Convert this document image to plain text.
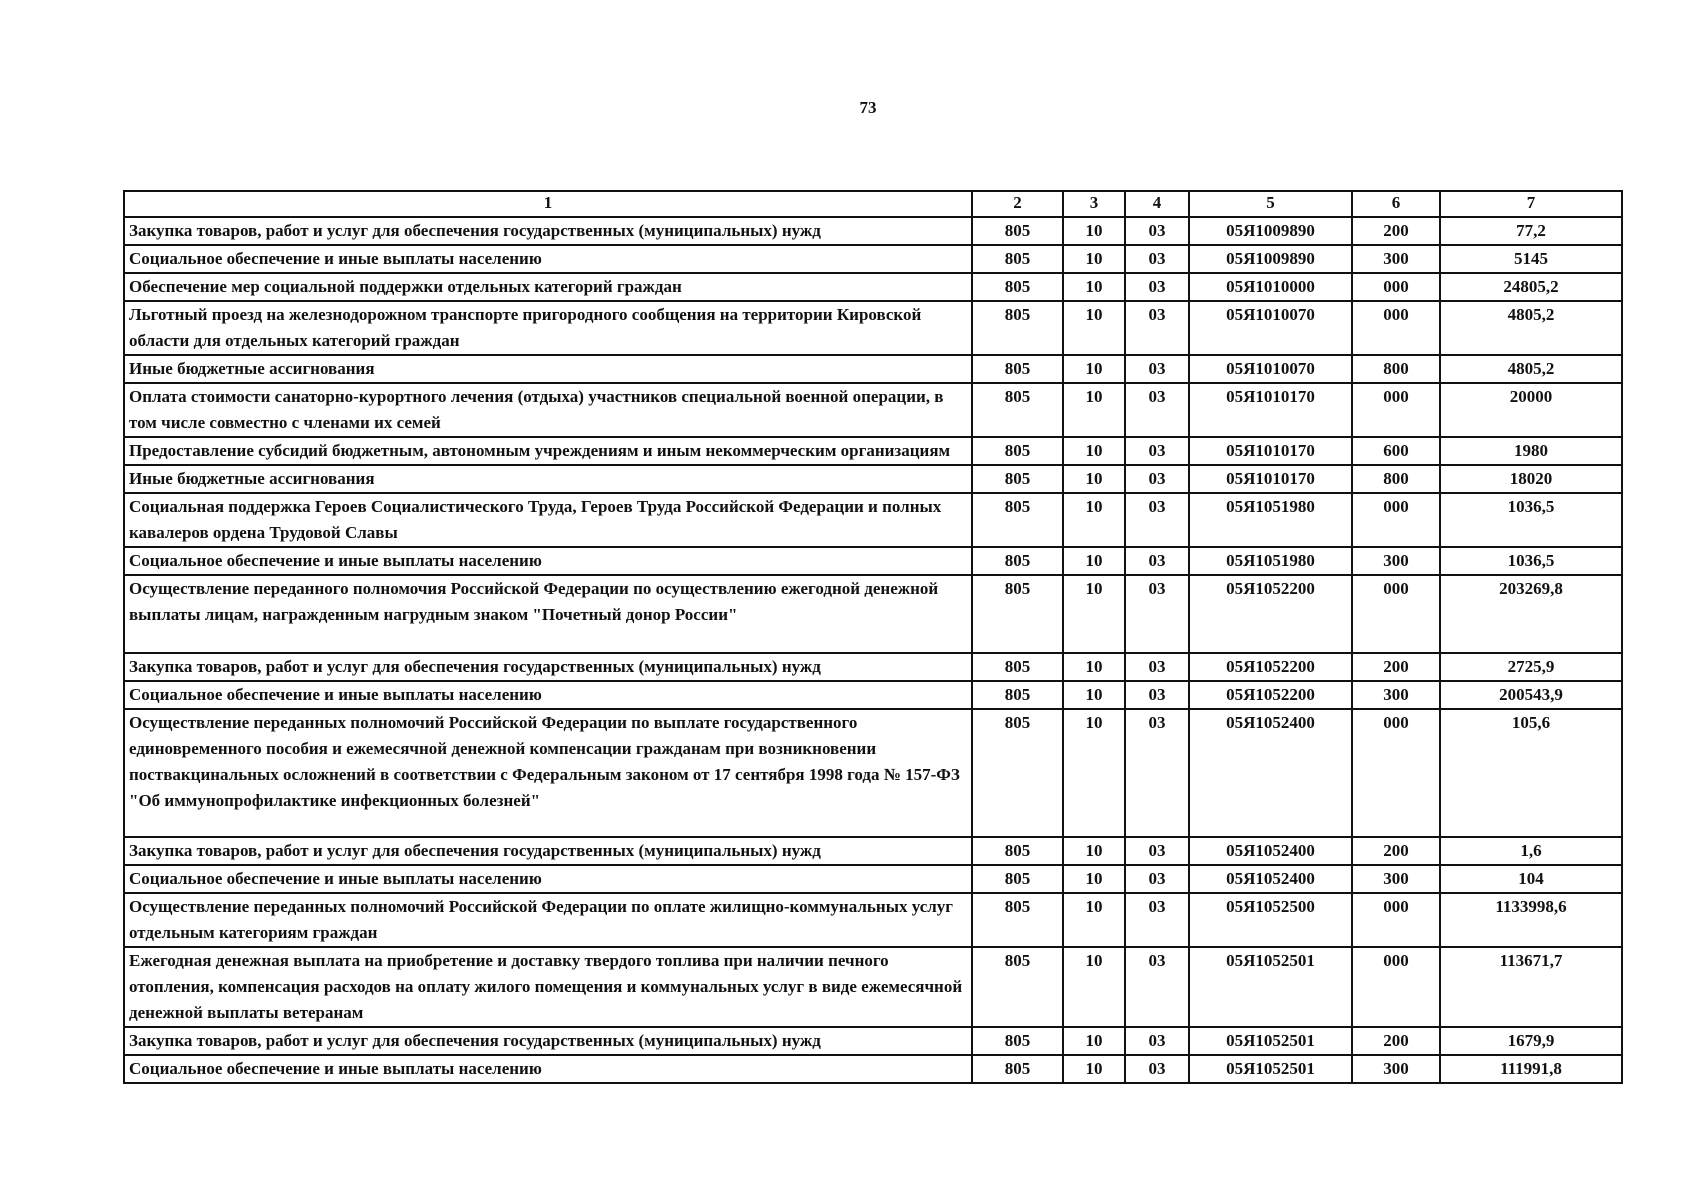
73
1	2	3	4	5	6	7
Закупка товаров, работ и услуг для обеспечения государственных (муниципальных) нужд	805	10	03	05Я1009890	200	77,2
Социальное обеспечение и иные выплаты населению	805	10	03	05Я1009890	300	5145
Обеспечение мер социальной поддержки отдельных категорий граждан	805	10	03	05Я1010000	000	24805,2
Льготный проезд на железнодорожном транспорте пригородного сообщения на территории Кировской области для отдельных категорий граждан	805	10	03	05Я1010070	000	4805,2
Иные бюджетные ассигнования	805	10	03	05Я1010070	800	4805,2
Оплата стоимости санаторно-курортного лечения (отдыха) участников специальной военной операции, в том числе совместно с членами их семей	805	10	03	05Я1010170	000	20000
Предоставление субсидий бюджетным, автономным учреждениям и иным некоммерческим организациям	805	10	03	05Я1010170	600	1980
Иные бюджетные ассигнования	805	10	03	05Я1010170	800	18020
Социальная поддержка Героев Социалистического Труда, Героев Труда Российской Федерации и полных кавалеров ордена Трудовой Славы	805	10	03	05Я1051980	000	1036,5
Социальное обеспечение и иные выплаты населению	805	10	03	05Я1051980	300	1036,5
Осуществление переданного полномочия Российской Федерации по осуществлению ежегодной денежной выплаты лицам, награжденным нагрудным знаком "Почетный донор России"	805	10	03	05Я1052200	000	203269,8
Закупка товаров, работ и услуг для обеспечения государственных (муниципальных) нужд	805	10	03	05Я1052200	200	2725,9
Социальное обеспечение и иные выплаты населению	805	10	03	05Я1052200	300	200543,9
Осуществление переданных полномочий Российской Федерации по выплате государственного единовременного пособия и ежемесячной денежной компенсации гражданам при возникновении поствакцинальных осложнений в соответствии с Федеральным законом от 17 сентября 1998 года № 157-ФЗ "Об иммунопрофилактике инфекционных болезней"	805	10	03	05Я1052400	000	105,6
Закупка товаров, работ и услуг для обеспечения государственных (муниципальных) нужд	805	10	03	05Я1052400	200	1,6
Социальное обеспечение и иные выплаты населению	805	10	03	05Я1052400	300	104
Осуществление переданных полномочий Российской Федерации по оплате жилищно-коммунальных услуг отдельным категориям граждан	805	10	03	05Я1052500	000	1133998,6
Ежегодная денежная выплата на приобретение и доставку твердого топлива при наличии печного отопления, компенсация расходов на оплату жилого помещения и коммунальных услуг в виде ежемесячной денежной выплаты ветеранам	805	10	03	05Я1052501	000	113671,7
Закупка товаров, работ и услуг для обеспечения государственных (муниципальных) нужд	805	10	03	05Я1052501	200	1679,9
Социальное обеспечение и иные выплаты населению	805	10	03	05Я1052501	300	111991,8
